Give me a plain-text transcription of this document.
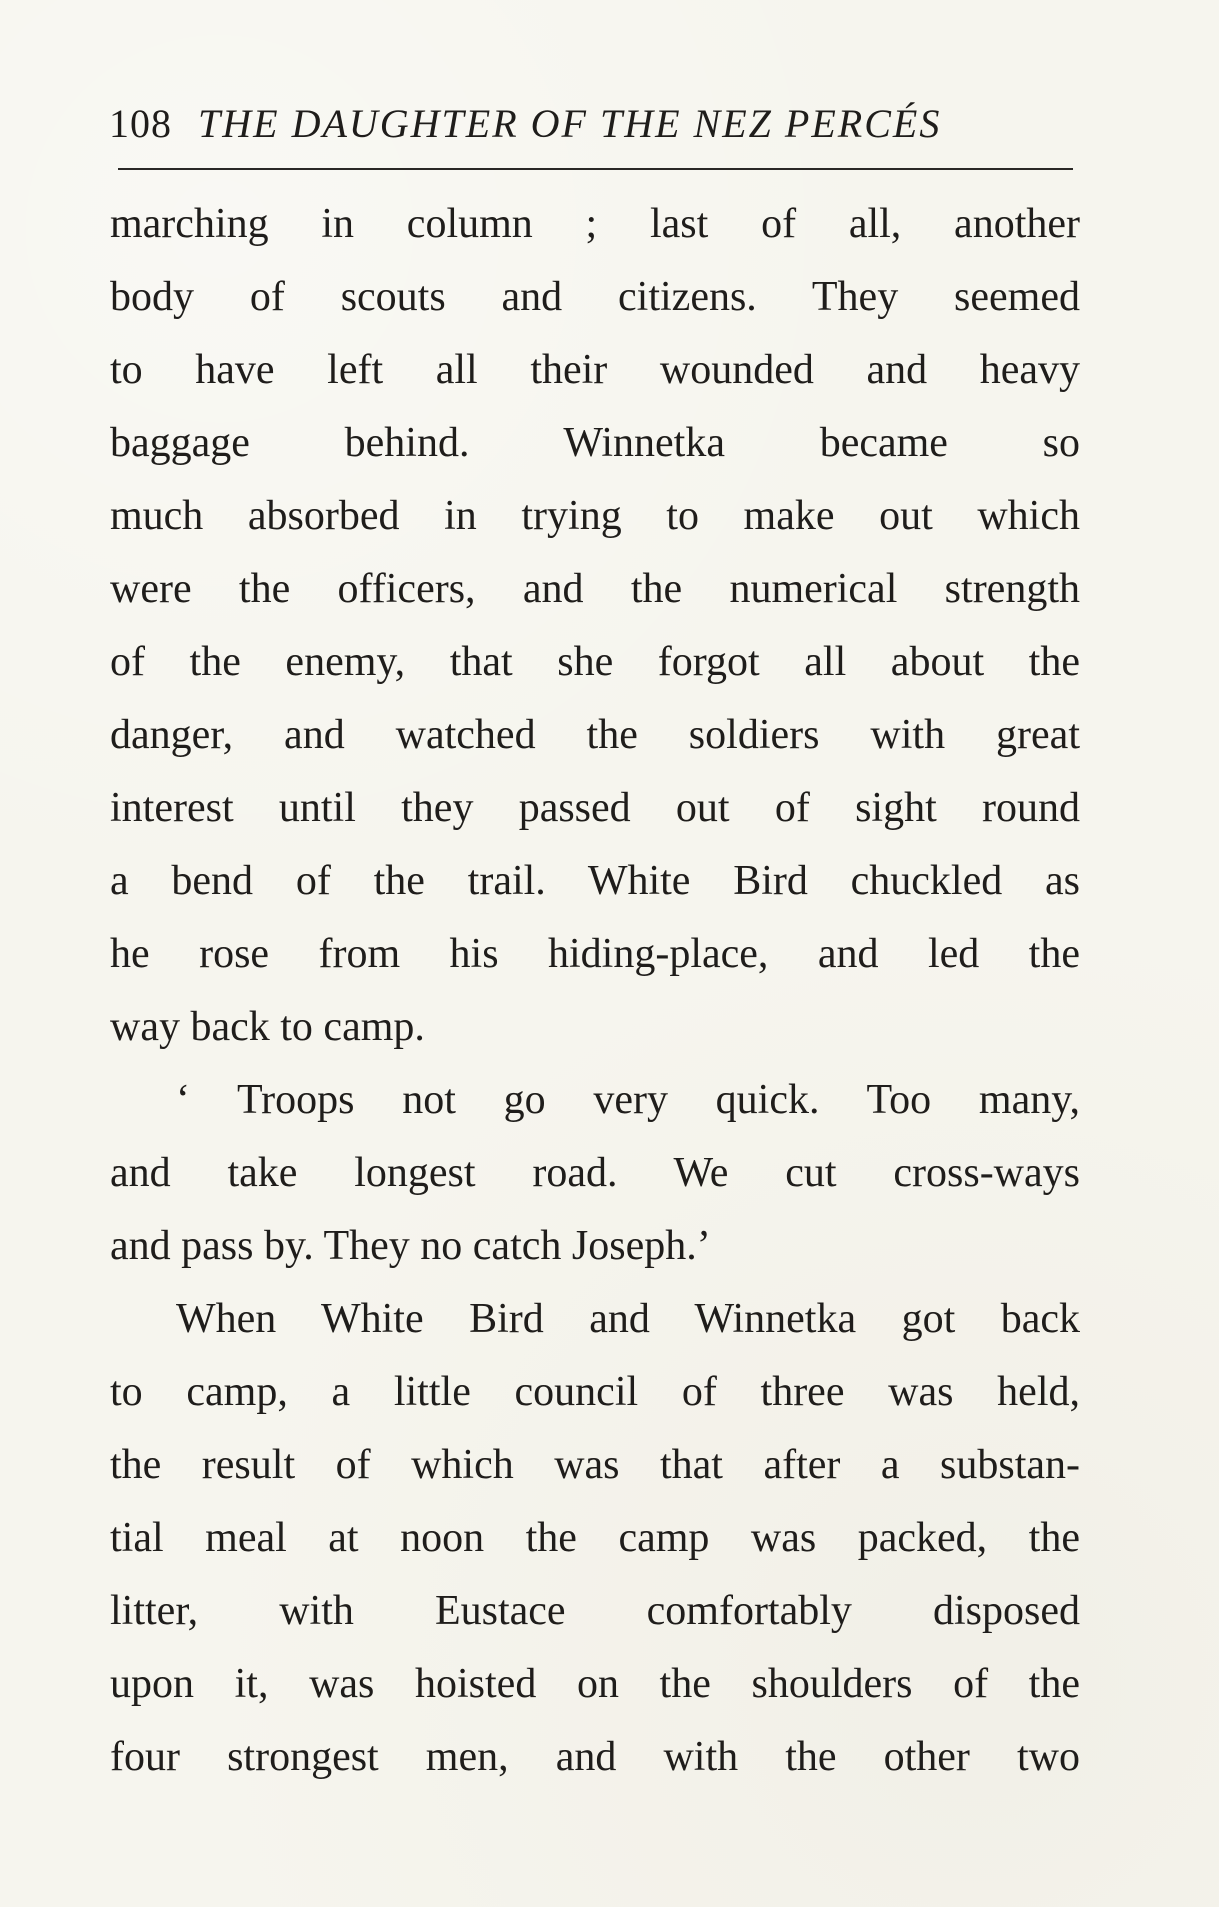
108 THE DAUGHTER OF THE NEZ PERCÉS
marching in column ; last of all, another
body of scouts and citizens. They seemed
to have left all their wounded and heavy
baggage behind. Winnetka became so
much absorbed in trying to make out which
were the officers, and the numerical strength
of the enemy, that she forgot all about the
danger, and watched the soldiers with great
interest until they passed out of sight round
a bend of the trail. White Bird chuckled as
he rose from his hiding-place, and led the
way back to camp.
‘ Troops not go very quick. Too many,
and take longest road. We cut cross-ways
and pass by. They no catch Joseph.’
When White Bird and Winnetka got back
to camp, a little council of three was held,
the result of which was that after a substan-
tial meal at noon the camp was packed, the
litter, with Eustace comfortably disposed
upon it, was hoisted on the shoulders of the
four strongest men, and with the other two
